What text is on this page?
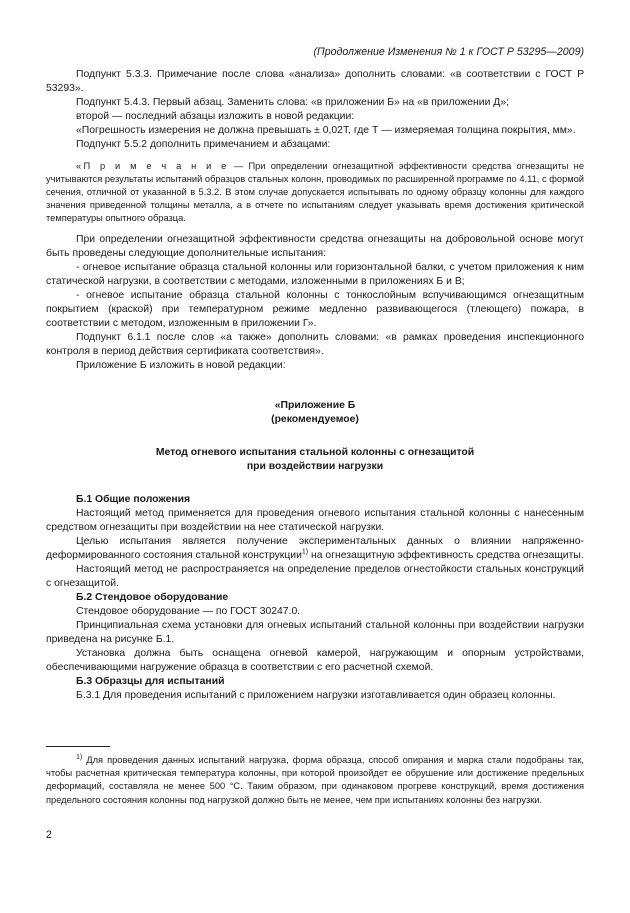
(Продолжение Изменения № 1 к ГОСТ Р 53295—2009)

Подпункт 5.3.3. Примечание после слова «анализа» дополнить словами: «в соответствии с ГОСТ Р 53293».

Подпункт 5.4.3. Первый абзац. Заменить слова: «в приложении Б» на «в приложении Д»;

второй — последний абзацы изложить в новой редакции:

«Погрешность измерения не должна превышать ± 0,02Т, где Т — измеряемая толщина покрытия, мм».

Подпункт 5.5.2 дополнить примечанием и абзацами:

«П р и м е ч а н и е — При определении огнезащитной эффективности средства огнезащиты не учитываются результаты испытаний образцов стальных колонн, проводимых по расширенной программе по 4.11, с формой сечения, отличной от указанной в 5.3.2. В этом случае допускается испытывать по одному образцу колонны для каждого значения приведенной толщины металла, а в отчете по испытаниям следует указывать время достижения критической температуры опытного образца.

При определении огнезащитной эффективности средства огнезащиты на добровольной основе могут быть проведены следующие дополнительные испытания:

- огневое испытание образца стальной колонны или горизонтальной балки, с учетом приложения к ним статической нагрузки, в соответствии с методами, изложенными в приложениях Б и В;

- огневое испытание образца стальной колонны с тонкослойным вспучивающимся огнезащитным покрытием (краской) при температурном режиме медленно развивающегося (тлеющего) пожара, в соответствии с методом, изложенным в приложении Г».

Подпункт 6.1.1 после слов «а также» дополнить словами: «в рамках проведения инспекционного контроля в период действия сертификата соответствия».

Приложение Б изложить в новой редакции:

«Приложение Б
(рекомендуемое)
Метод огневого испытания стальной колонны с огнезащитой
при воздействии нагрузки

Б.1 Общие положения

Настоящий метод применяется для проведения огневого испытания стальной колонны с нанесенным средством огнезащиты при воздействии на нее статической нагрузки.

Целью испытания является получение экспериментальных данных о влиянии напряженно-деформированного состояния стальной конструкции$^{1)}$ на огнезащитную эффективность средства огнезащиты.

Настоящий метод не распространяется на определение пределов огнестойкости стальных конструкций с огнезащитой.

Б.2 Стендовое оборудование

Стендовое оборудование — по ГОСТ 30247.0.

Принципиальная схема установки для огневых испытаний стальной колонны при воздействии нагрузки приведена на рисунке Б.1.

Установка должна быть оснащена огневой камерой, нагружающим и опорным устройствами, обеспечивающими нагружение образца в соответствии с его расчетной схемой.

Б.3 Образцы для испытаний

Б.3.1 Для проведения испытаний с приложением нагрузки изготавливается один образец колонны.

$^{1)}$ Для проведения данных испытаний нагрузка, форма образца, способ опирания и марка стали подобраны так, чтобы расчетная критическая температура колонны, при которой произойдет ее обрушение или достижение предельных деформаций, составляла не менее 500 °С. Таким образом, при одинаковом прогреве конструкций, время достижения предельного состояния колонны под нагрузкой должно быть не менее, чем при испытаниях колонны без нагрузки.

2
